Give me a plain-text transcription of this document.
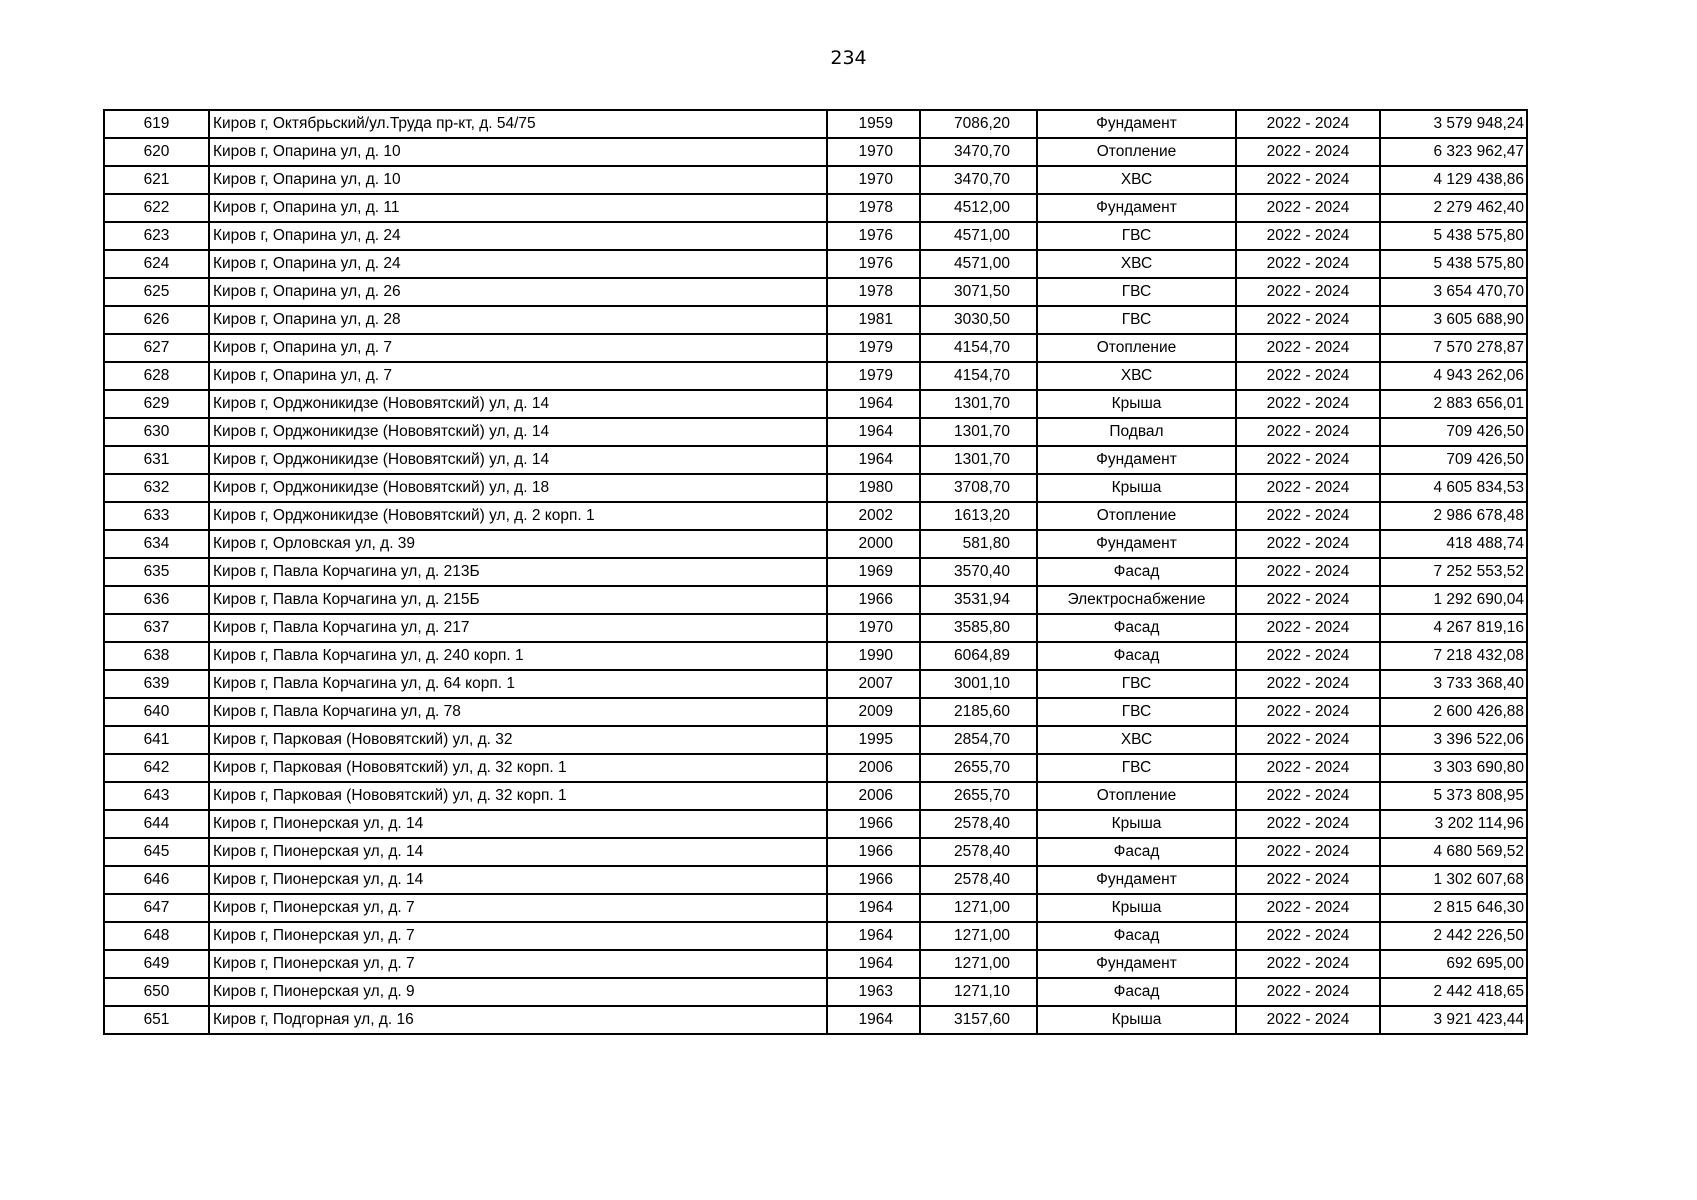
234
619	Киров г, Октябрьский/ул.Труда пр-кт, д. 54/75	1959	7086,20	Фундамент	2022 - 2024	3 579 948,24
620	Киров г, Опарина ул, д. 10	1970	3470,70	Отопление	2022 - 2024	6 323 962,47
621	Киров г, Опарина ул, д. 10	1970	3470,70	ХВС	2022 - 2024	4 129 438,86
622	Киров г, Опарина ул, д. 11	1978	4512,00	Фундамент	2022 - 2024	2 279 462,40
623	Киров г, Опарина ул, д. 24	1976	4571,00	ГВС	2022 - 2024	5 438 575,80
624	Киров г, Опарина ул, д. 24	1976	4571,00	ХВС	2022 - 2024	5 438 575,80
625	Киров г, Опарина ул, д. 26	1978	3071,50	ГВС	2022 - 2024	3 654 470,70
626	Киров г, Опарина ул, д. 28	1981	3030,50	ГВС	2022 - 2024	3 605 688,90
627	Киров г, Опарина ул, д. 7	1979	4154,70	Отопление	2022 - 2024	7 570 278,87
628	Киров г, Опарина ул, д. 7	1979	4154,70	ХВС	2022 - 2024	4 943 262,06
629	Киров г, Орджоникидзе (Нововятский) ул, д. 14	1964	1301,70	Крыша	2022 - 2024	2 883 656,01
630	Киров г, Орджоникидзе (Нововятский) ул, д. 14	1964	1301,70	Подвал	2022 - 2024	709 426,50
631	Киров г, Орджоникидзе (Нововятский) ул, д. 14	1964	1301,70	Фундамент	2022 - 2024	709 426,50
632	Киров г, Орджоникидзе (Нововятский) ул, д. 18	1980	3708,70	Крыша	2022 - 2024	4 605 834,53
633	Киров г, Орджоникидзе (Нововятский) ул, д. 2 корп. 1	2002	1613,20	Отопление	2022 - 2024	2 986 678,48
634	Киров г, Орловская ул, д. 39	2000	581,80	Фундамент	2022 - 2024	418 488,74
635	Киров г, Павла Корчагина ул, д. 213Б	1969	3570,40	Фасад	2022 - 2024	7 252 553,52
636	Киров г, Павла Корчагина ул, д. 215Б	1966	3531,94	Электроснабжение	2022 - 2024	1 292 690,04
637	Киров г, Павла Корчагина ул, д. 217	1970	3585,80	Фасад	2022 - 2024	4 267 819,16
638	Киров г, Павла Корчагина ул, д. 240 корп. 1	1990	6064,89	Фасад	2022 - 2024	7 218 432,08
639	Киров г, Павла Корчагина ул, д. 64 корп. 1	2007	3001,10	ГВС	2022 - 2024	3 733 368,40
640	Киров г, Павла Корчагина ул, д. 78	2009	2185,60	ГВС	2022 - 2024	2 600 426,88
641	Киров г, Парковая (Нововятский) ул, д. 32	1995	2854,70	ХВС	2022 - 2024	3 396 522,06
642	Киров г, Парковая (Нововятский) ул, д. 32 корп. 1	2006	2655,70	ГВС	2022 - 2024	3 303 690,80
643	Киров г, Парковая (Нововятский) ул, д. 32 корп. 1	2006	2655,70	Отопление	2022 - 2024	5 373 808,95
644	Киров г, Пионерская ул, д. 14	1966	2578,40	Крыша	2022 - 2024	3 202 114,96
645	Киров г, Пионерская ул, д. 14	1966	2578,40	Фасад	2022 - 2024	4 680 569,52
646	Киров г, Пионерская ул, д. 14	1966	2578,40	Фундамент	2022 - 2024	1 302 607,68
647	Киров г, Пионерская ул, д. 7	1964	1271,00	Крыша	2022 - 2024	2 815 646,30
648	Киров г, Пионерская ул, д. 7	1964	1271,00	Фасад	2022 - 2024	2 442 226,50
649	Киров г, Пионерская ул, д. 7	1964	1271,00	Фундамент	2022 - 2024	692 695,00
650	Киров г, Пионерская ул, д. 9	1963	1271,10	Фасад	2022 - 2024	2 442 418,65
651	Киров г, Подгорная ул, д. 16	1964	3157,60	Крыша	2022 - 2024	3 921 423,44
